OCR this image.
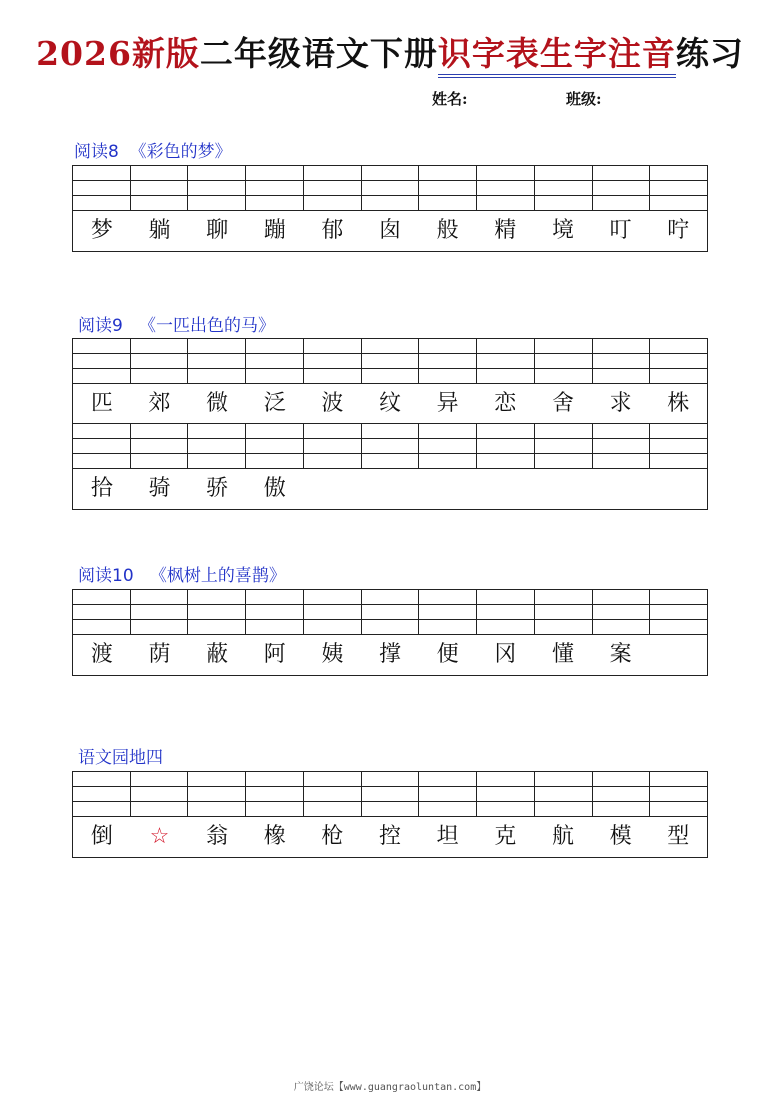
2026新版二年级语文下册识字表生字注音练习
姓名:	班级:
阅读8  《彩色的梦》
梦	躺	聊	蹦	郁	囱	般	精	境	叮	咛
阅读9   《一匹出色的马》
匹	郊	微	泛	波	纹	异	恋	舍	求	株
拾	骑	骄	傲
阅读10   《枫树上的喜鹊》
渡	荫	蔽	阿	姨	撑	便	冈	懂	案
语文园地四
倒	☆	翁	橡	枪	控	坦	克	航	模	型
广饶论坛【www.guangraoluntan.com】
